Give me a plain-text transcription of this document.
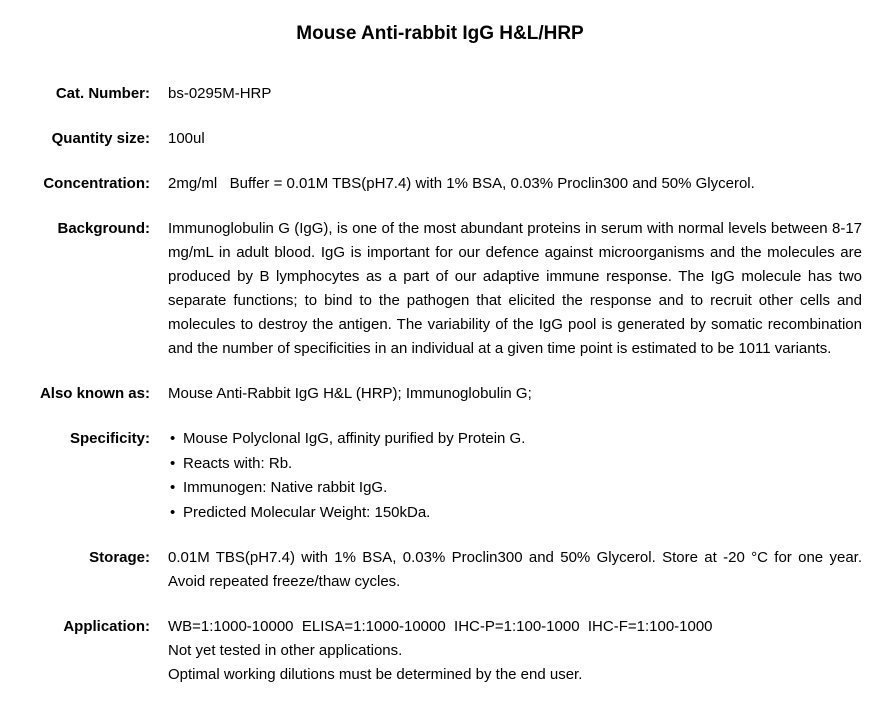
Mouse Anti-rabbit IgG H&L/HRP
Cat. Number: bs-0295M-HRP
Quantity size: 100ul
Concentration: 2mg/ml   Buffer = 0.01M TBS(pH7.4) with 1% BSA, 0.03% Proclin300 and 50% Glycerol.
Background: Immunoglobulin G (IgG), is one of the most abundant proteins in serum with normal levels between 8-17 mg/mL in adult blood. IgG is important for our defence against microorganisms and the molecules are produced by B lymphocytes as a part of our adaptive immune response. The IgG molecule has two separate functions; to bind to the pathogen that elicited the response and to recruit other cells and molecules to destroy the antigen. The variability of the IgG pool is generated by somatic recombination and the number of specificities in an individual at a given time point is estimated to be 1011 variants.
Also known as: Mouse Anti-Rabbit IgG H&L (HRP); Immunoglobulin G;
Specificity:	• Mouse Polyclonal IgG, affinity purified by Protein G.
• Reacts with: Rb.
• Immunogen: Native rabbit IgG.
• Predicted Molecular Weight: 150kDa.
Storage: 0.01M TBS(pH7.4) with 1% BSA, 0.03% Proclin300 and 50% Glycerol. Store at -20 °C for one year. Avoid repeated freeze/thaw cycles.
Application: WB=1:1000-10000  ELISA=1:1000-10000  IHC-P=1:100-1000  IHC-F=1:100-1000
Not yet tested in other applications.
Optimal working dilutions must be determined by the end user.
